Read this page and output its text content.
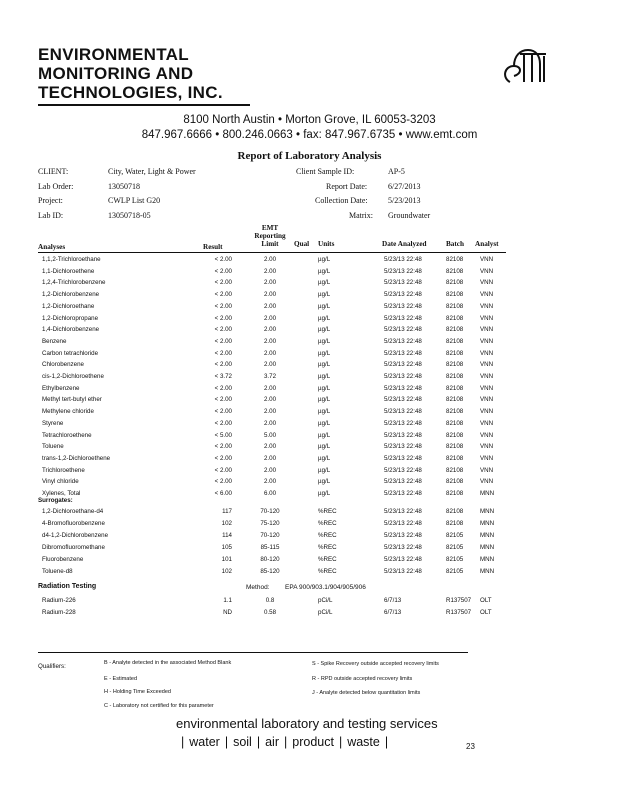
ENVIRONMENTAL
MONITORING AND
TECHNOLOGIES, INC.
8100 North Austin • Morton Grove, IL 60053-3203
847.967.6666 • 800.246.0663 • fax: 847.967.6735 • www.emt.com
Report of Laboratory Analysis
CLIENT:	City, Water, Light & Power	Client Sample ID:	AP-5
Lab Order:	13050718	Report Date:	6/27/2013
Project:	CWLP List G20	Collection Date:	5/23/2013
Lab ID:	13050718-05	Matrix: Groundwater
Analyses	Result
EMT
Reporting
Limit	Qual Units	Date Analyzed	Batch Analyst
1,1,2-Trichloroethane	< 2.00	2.00	µg/L	5/23/13 22:48	82108	VNN
1,1-Dichloroethene	< 2.00	2.00	µg/L	5/23/13 22:48	82108	VNN
1,2,4-Trichlorobenzene	< 2.00	2.00	µg/L	5/23/13 22:48	82108	VNN
1,2-Dichlorobenzene	< 2.00	2.00	µg/L	5/23/13 22:48	82108	VNN
1,2-Dichloroethane	< 2.00	2.00	µg/L	5/23/13 22:48	82108	VNN
1,2-Dichloropropane	< 2.00	2.00	µg/L	5/23/13 22:48	82108	VNN
1,4-Dichlorobenzene	< 2.00	2.00	µg/L	5/23/13 22:48	82108	VNN
Benzene	< 2.00	2.00	µg/L	5/23/13 22:48	82108	VNN
Carbon tetrachloride	< 2.00	2.00	µg/L	5/23/13 22:48	82108	VNN
Chlorobenzene	< 2.00	2.00	µg/L	5/23/13 22:48	82108	VNN
cis-1,2-Dichloroethene	< 3.72	3.72	µg/L	5/23/13 22:48	82108	VNN
Ethylbenzene	< 2.00	2.00	µg/L	5/23/13 22:48	82108	VNN
Methyl tert-butyl ether	< 2.00	2.00	µg/L	5/23/13 22:48	82108	VNN
Methylene chloride	< 2.00	2.00	µg/L	5/23/13 22:48	82108	VNN
Styrene	< 2.00	2.00	µg/L	5/23/13 22:48	82108	VNN
Tetrachloroethene	< 5.00	5.00	µg/L	5/23/13 22:48	82108	VNN
Toluene	< 2.00	2.00	µg/L	5/23/13 22:48	82108	VNN
trans-1,2-Dichloroethene	< 2.00	2.00	µg/L	5/23/13 22:48	82108	VNN
Trichloroethene	< 2.00	2.00	µg/L	5/23/13 22:48	82108	VNN
Vinyl chloride	< 2.00	2.00	µg/L	5/23/13 22:48	82108	VNN
Xylenes, Total	< 6.00	6.00	µg/L	5/23/13 22:48	82108	MNN
Surrogates:
1,2-Dichloroethane-d4	117	70-120	%REC	5/23/13 22:48	82108	MNN
4-Bromofluorobenzene	102	75-120	%REC	5/23/13 22:48	82108	MNN
d4-1,2-Dichlorobenzene	114	70-120	%REC	5/23/13 22:48	82105	MNN
Dibromofluoromethane	105	85-115	%REC	5/23/13 22:48	82105	MNN
Fluorobenzene	101	80-120	%REC	5/23/13 22:48	82105	MNN
Toluene-d8	102	85-120	%REC	5/23/13 22:48	82105	MNN
Radiation Testing	Method: EPA 900/903.1/904/905/906
Radium-226	1.1	0.8	pCi/L	6/7/13	R137507 OLT
Radium-228	ND	0.58	pCi/L	6/7/13	R137507 OLT
Qualifiers:	B - Analyte detected in the associated Method Blank
E - Estimated
H - Holding Time Exceeded
C - Laboratory not certified for this parameter
S - Spike Recovery outside accepted recovery limits
R - RPD outside accepted recovery limits
J - Analyte detected below quantitation limits
environmental laboratory and testing services
| water | soil | air | product | waste |	23
